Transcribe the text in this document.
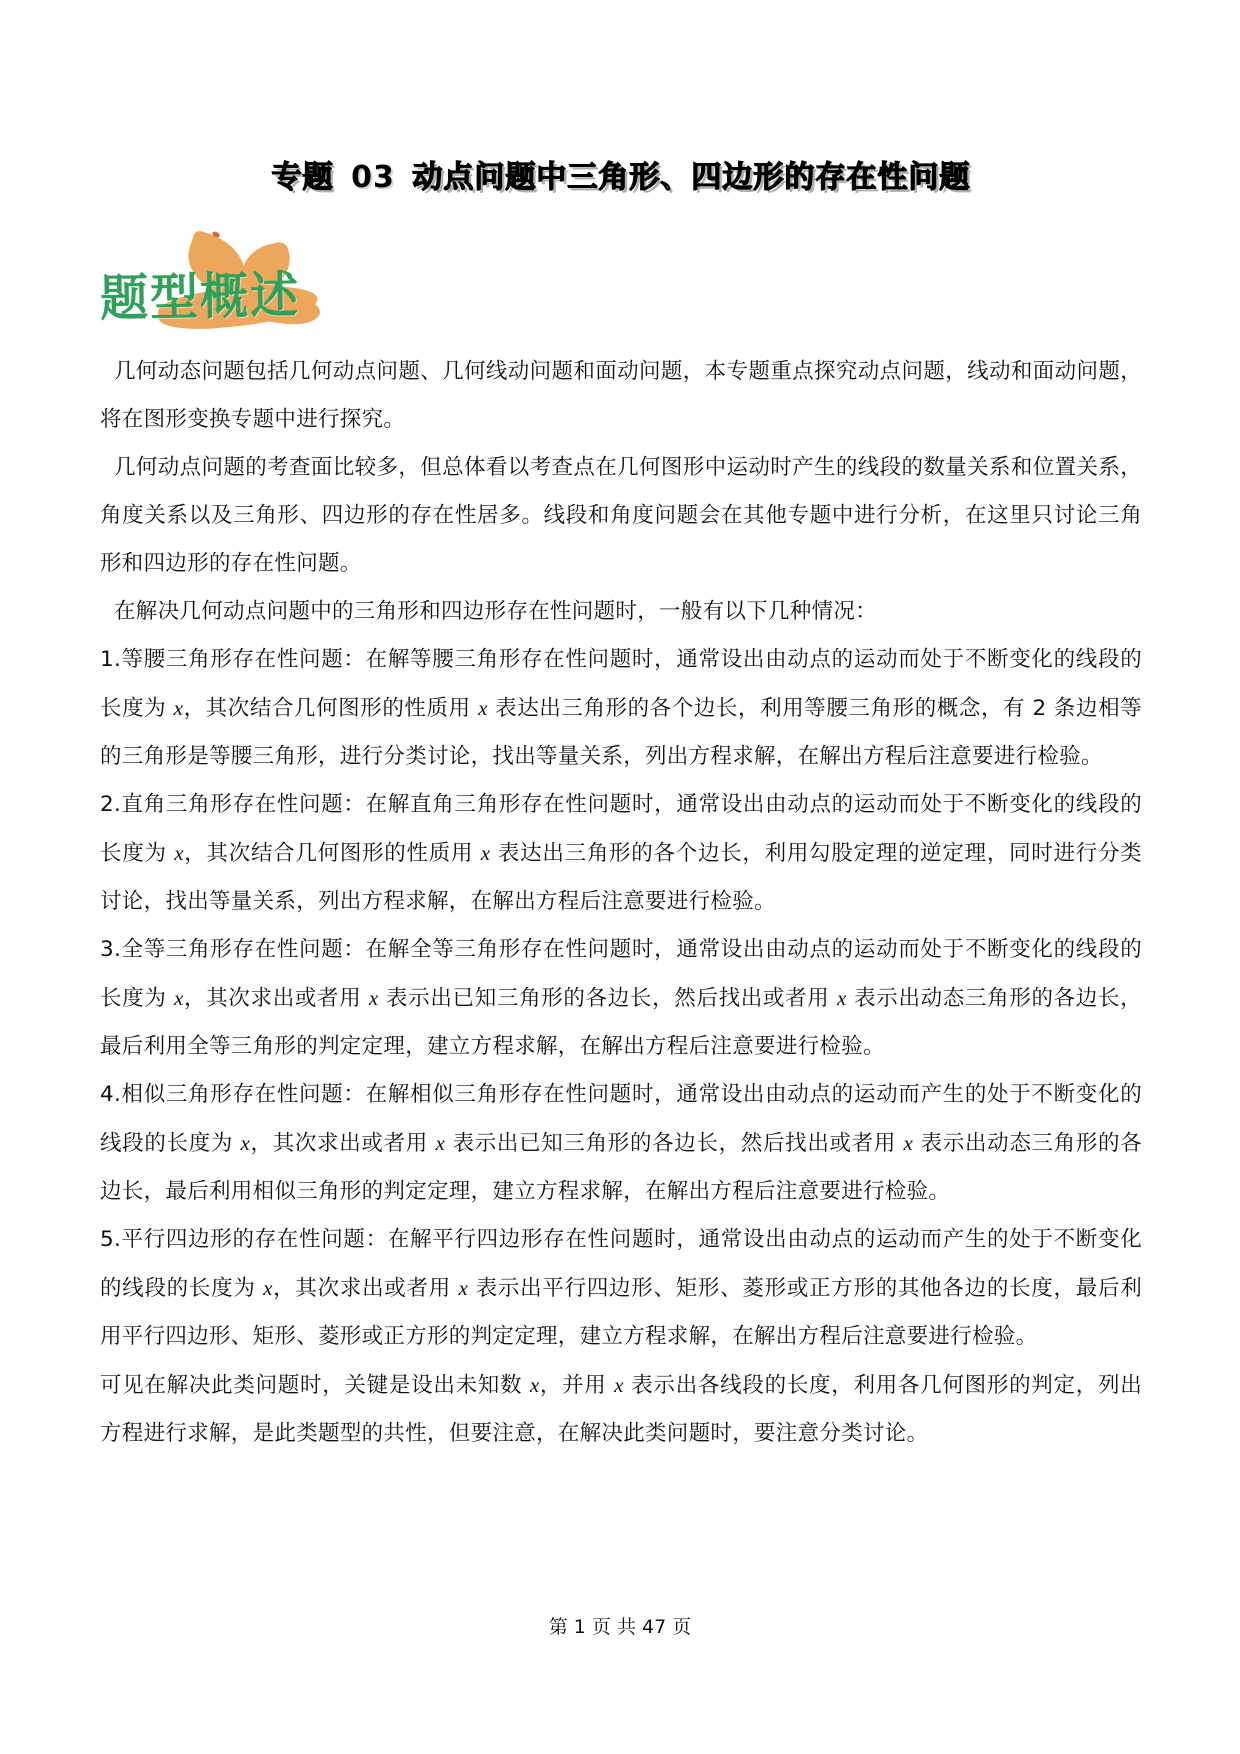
专题 03 动点问题中三角形、四边形的存在性问题
题型概述

几何动态问题包括几何动点问题、几何线动问题和面动问题，本专题重点探究动点问题，线动和面动问题，将在图形变换专题中进行探究。

几何动点问题的考查面比较多，但总体看以考查点在几何图形中运动时产生的线段的数量关系和位置关系，角度关系以及三角形、四边形的存在性居多。线段和角度问题会在其他专题中进行分析，在这里只讨论三角形和四边形的存在性问题。

在解决几何动点问题中的三角形和四边形存在性问题时，一般有以下几种情况：

1.等腰三角形存在性问题：在解等腰三角形存在性问题时，通常设出由动点的运动而处于不断变化的线段的长度为 x，其次结合几何图形的性质用 x 表达出三角形的各个边长，利用等腰三角形的概念，有 2 条边相等的三角形是等腰三角形，进行分类讨论，找出等量关系，列出方程求解，在解出方程后注意要进行检验。

2.直角三角形存在性问题：在解直角三角形存在性问题时，通常设出由动点的运动而处于不断变化的线段的长度为 x，其次结合几何图形的性质用 x 表达出三角形的各个边长，利用勾股定理的逆定理，同时进行分类讨论，找出等量关系，列出方程求解，在解出方程后注意要进行检验。

3.全等三角形存在性问题：在解全等三角形存在性问题时，通常设出由动点的运动而处于不断变化的线段的长度为 x，其次求出或者用 x 表示出已知三角形的各边长，然后找出或者用 x 表示出动态三角形的各边长，最后利用全等三角形的判定定理，建立方程求解，在解出方程后注意要进行检验。

4.相似三角形存在性问题：在解相似三角形存在性问题时，通常设出由动点的运动而产生的处于不断变化的线段的长度为 x，其次求出或者用 x 表示出已知三角形的各边长，然后找出或者用 x 表示出动态三角形的各边长，最后利用相似三角形的判定定理，建立方程求解，在解出方程后注意要进行检验。

5.平行四边形的存在性问题：在解平行四边形存在性问题时，通常设出由动点的运动而产生的处于不断变化的线段的长度为 x，其次求出或者用 x 表示出平行四边形、矩形、菱形或正方形的其他各边的长度，最后利用平行四边形、矩形、菱形或正方形的判定定理，建立方程求解，在解出方程后注意要进行检验。

可见在解决此类问题时，关键是设出未知数 x，并用 x 表示出各线段的长度，利用各几何图形的判定，列出方程进行求解，是此类题型的共性，但要注意，在解决此类问题时，要注意分类讨论。

第 1 页 共 47 页
